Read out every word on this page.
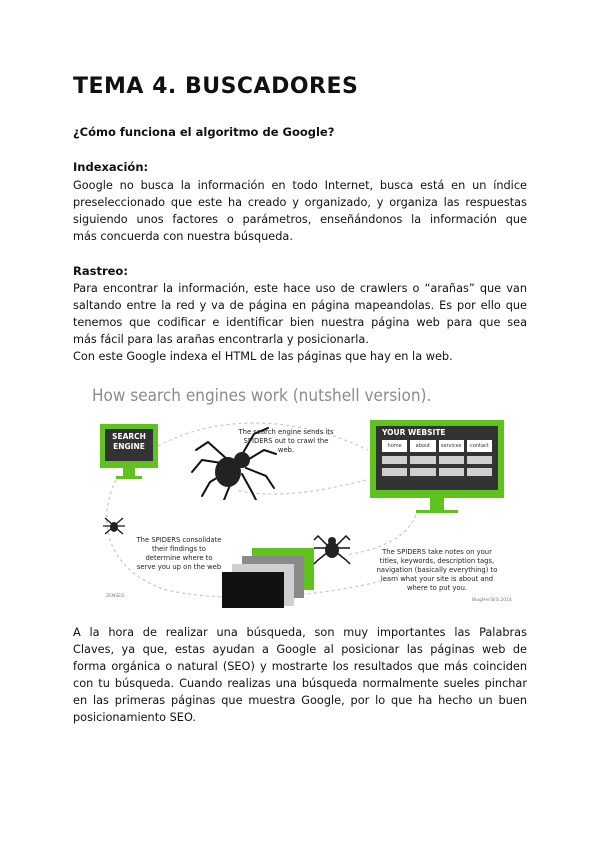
TEMA 4. BUSCADORES

¿Cómo funciona el algoritmo de Google?

Indexación:

Google no busca la información en todo Internet, busca está en un índice
preseleccionado que este ha creado y organizado, y organiza las respuestas
siguiendo unos factores o parámetros, enseñándonos la información que
más concuerda con nuestra búsqueda.

Rastreo:

Para encontrar la información, este hace uso de crawlers o “arañas” que van
saltando entre la red y va de página en página mapeandolas. Es por ello que
tenemos que codificar e identificar bien nuestra página web para que sea
más fácil para las arañas encontrarla y posicionarla.
Con este Google indexa el HTML de las páginas que hay en la web.

How search engines work (nutshell version).
SEARCH ENGINE
The search engine sends its SPIDERS out to crawl the web.
YOUR WEBSITE
home	about	services	contact
The SPIDERS consolidate their findings to determine where to serve you up on the web
The SPIDERS take notes on your titles, keywords, description tags, navigation (basically everything) to learn what your site is about and where to put you.
ZENSEO
BlogHerSEO.2014

A la hora de realizar una búsqueda, son muy importantes las Palabras
Claves, ya que, estas ayudan a Google al posicionar las páginas web de
forma orgánica o natural (SEO) y mostrarte los resultados que más coinciden
con tu búsqueda. Cuando realizas una búsqueda normalmente sueles pinchar
en las primeras páginas que muestra Google, por lo que ha hecho un buen
posicionamiento SEO.
